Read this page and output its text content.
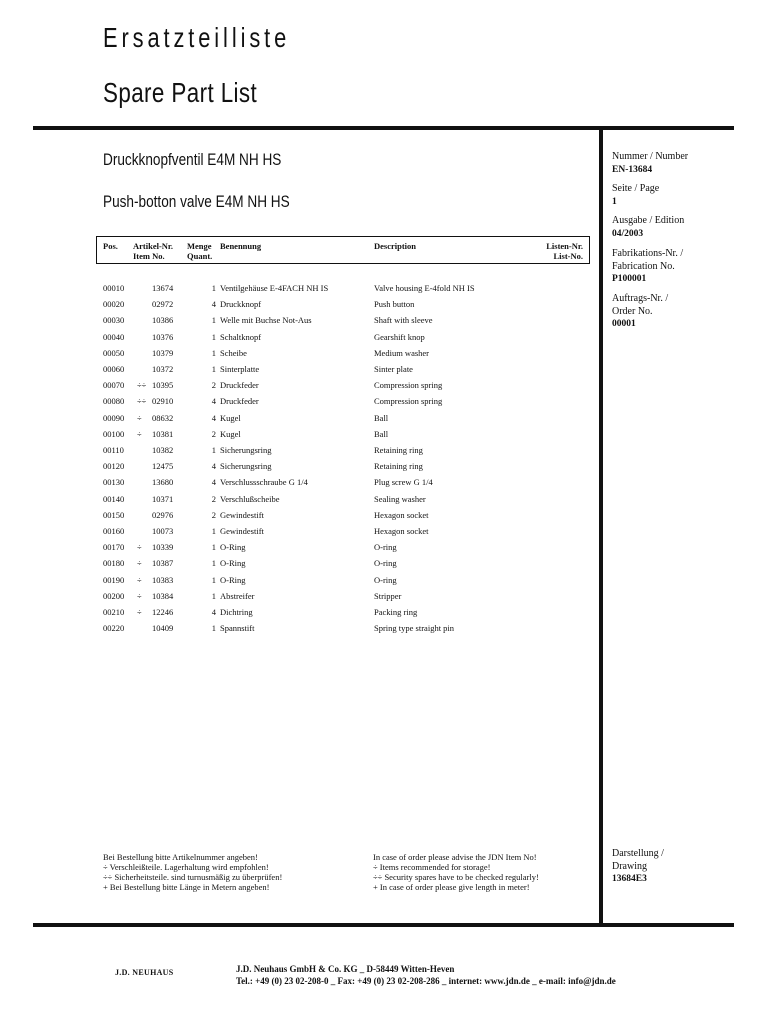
Ersatzteilliste
Spare Part List
Druckknopfventil E4M NH HS
Push-botton valve E4M NH HS
Pos. Artikel-Nr.
Item No.
Menge
Quant.
Benennung	Description	Listen-Nr.
List-No.
00010	13674	1 Ventilgehäuse E-4FACH NH IS	Valve housing E-4fold NH IS
00020	02972	4 Druckknopf	Push button
00030	10386	1 Welle mit Buchse Not-Aus	Shaft with sleeve
00040	10376	1 Schaltknopf	Gearshift knop
00050	10379	1 Scheibe	Medium washer
00060	10372	1 Sinterplatte	Sinter plate
00070 ÷÷ 10395	2 Druckfeder	Compression spring
00080 ÷÷ 02910	4 Druckfeder	Compression spring
00090 ÷ 08632	4 Kugel	Ball
00100 ÷ 10381	2 Kugel	Ball
00110	10382	1 Sicherungsring	Retaining ring
00120	12475	4 Sicherungsring	Retaining ring
00130	13680	4 Verschlussschraube G 1/4	Plug screw G 1/4
00140	10371	2 Verschlußscheibe	Sealing washer
00150	02976	2 Gewindestift	Hexagon socket
00160	10073	1 Gewindestift	Hexagon socket
00170 ÷ 10339	1 O-Ring	O-ring
00180 ÷ 10387	1 O-Ring	O-ring
00190 ÷ 10383	1 O-Ring	O-ring
00200 ÷ 10384	1 Abstreifer	Stripper
00210 ÷ 12246	4 Dichtring	Packing ring
00220	10409	1 Spannstift	Spring type straight pin
Bei Bestellung bitte Artikelnummer angeben!
÷ Verschleißteile. Lagerhaltung wird empfohlen!
÷÷ Sicherheitsteile. sind turnusmäßig zu überprüfen!
+ Bei Bestellung bitte Länge in Metern angeben!
In case of order please advise the JDN Item No!
÷ Items recommended for storage!
÷÷ Security spares have to be checked regularly!
+ In case of order please give length in meter!
Nummer / Number
EN-13684
Seite / Page
1
Ausgabe / Edition
04/2003
Fabrikations-Nr. /
Fabrication No.
P100001
Auftrags-Nr. /
Order No.
00001
Darstellung /
Drawing
13684E3
J.D. NEUHAUS	J.D. Neuhaus GmbH & Co. KG _ D-58449 Witten-Heven
Tel.: +49 (0) 23 02-208-0 _ Fax: +49 (0) 23 02-208-286 _ internet: www.jdn.de _ e-mail: info@jdn.de
